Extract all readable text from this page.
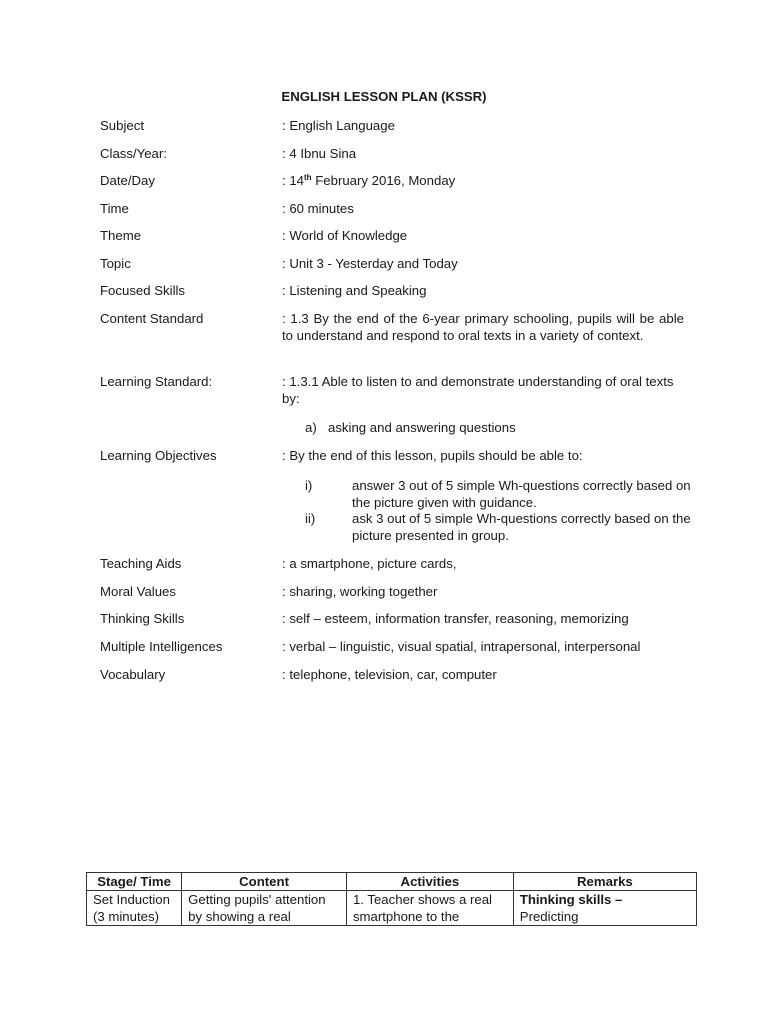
ENGLISH LESSON PLAN (KSSR)
Subject	: English Language
Class/Year:	: 4 Ibnu Sina
Date/Day	: 14th February 2016, Monday
Time	: 60 minutes
Theme	: World of Knowledge
Topic	: Unit 3 - Yesterday and Today
Focused Skills	: Listening and Speaking
Content Standard	: 1.3 By the end of the 6-year primary schooling, pupils will be able to understand and respond to oral texts in a variety of context.
Learning Standard:	: 1.3.1 Able to listen to and demonstrate understanding of oral texts by:
a) asking and answering questions
Learning Objectives	: By the end of this lesson, pupils should be able to:
i)	answer 3 out of 5 simple Wh-questions correctly based on the picture given with guidance.
ii)	ask 3 out of 5 simple Wh-questions correctly based on the picture presented in group.
Teaching Aids	: a smartphone, picture cards,
Moral Values	: sharing, working together
Thinking Skills	: self – esteem, information transfer, reasoning, memorizing
Multiple Intelligences	: verbal – linguistic, visual spatial, intrapersonal, interpersonal
Vocabulary	: telephone, television, car, computer
Stage/ Time	Content	Activities	Remarks
Set Induction (3 minutes)	Getting pupils' attention by showing a real	1. Teacher shows a real smartphone to the	Thinking skills –
Predicting
